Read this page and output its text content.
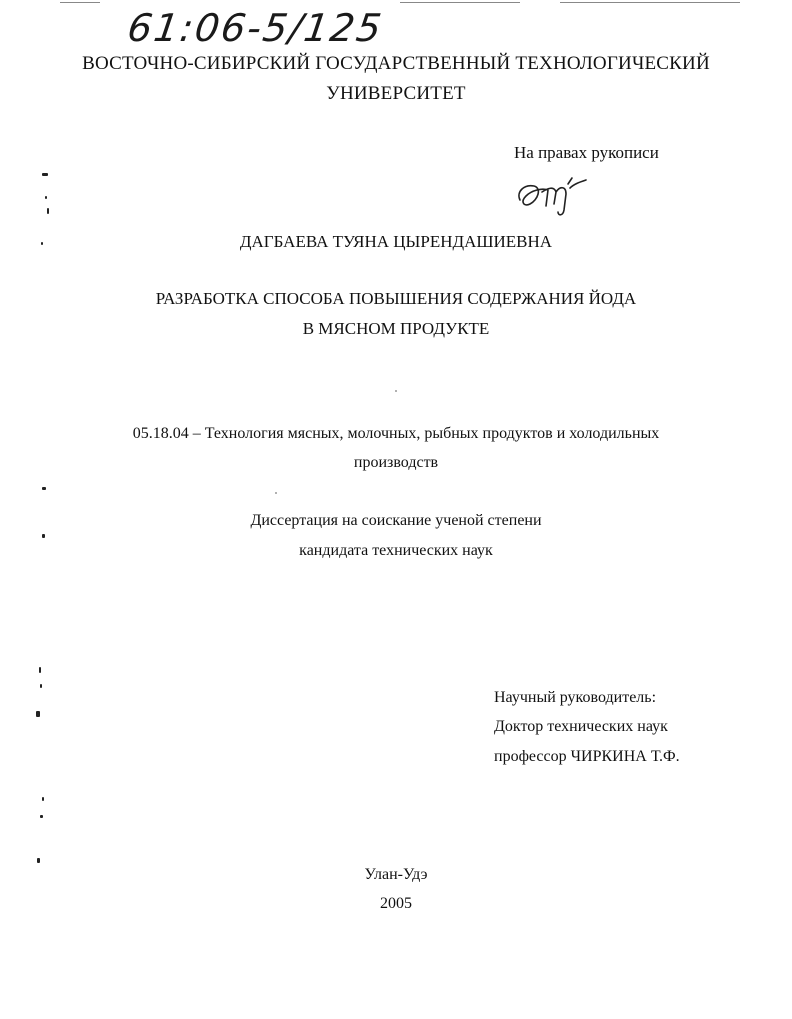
61:06-5/125
ВОСТОЧНО-СИБИРСКИЙ ГОСУДАРСТВЕННЫЙ ТЕХНОЛОГИЧЕСКИЙ
УНИВЕРСИТЕТ
На правах рукописи
ДАГБАЕВА ТУЯНА ЦЫРЕНДАШИЕВНА
РАЗРАБОТКА СПОСОБА ПОВЫШЕНИЯ СОДЕРЖАНИЯ ЙОДА
В МЯСНОМ ПРОДУКТЕ
05.18.04 – Технология мясных, молочных, рыбных продуктов и холодильных
производств
Диссертация на соискание ученой степени
кандидата технических наук
Научный руководитель:
Доктор технических наук
профессор ЧИРКИНА Т.Ф.
Улан-Удэ
2005
